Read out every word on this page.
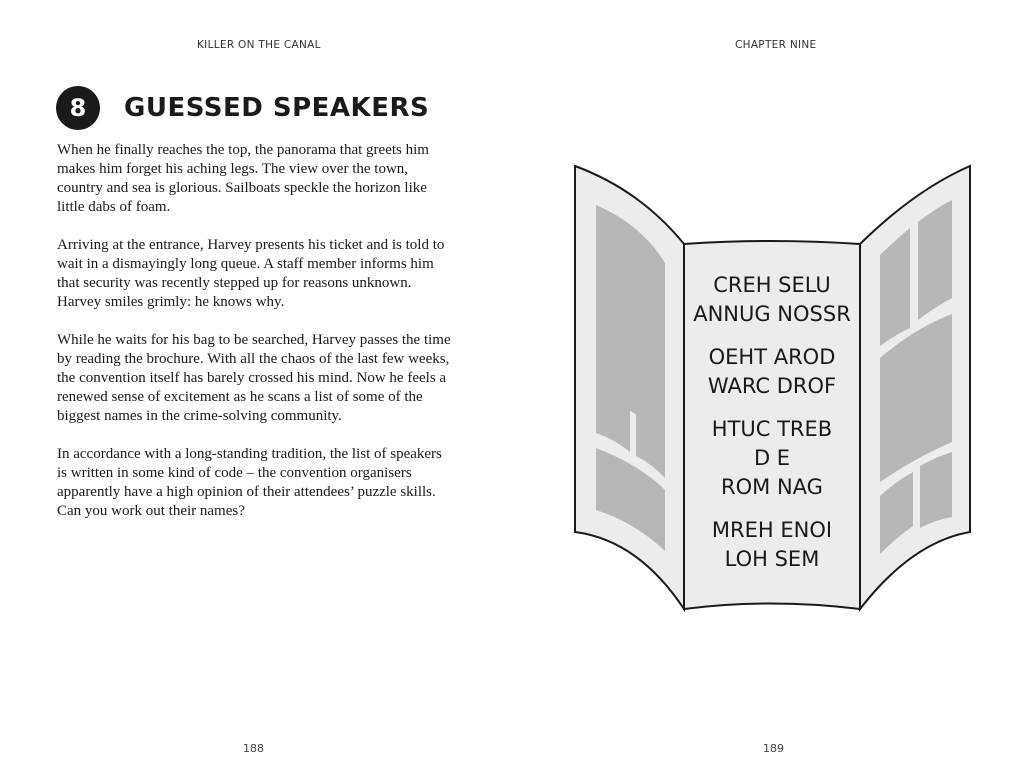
KILLER ON THE CANAL
8	GUESSED SPEAKERS

When he finally reaches the top, the panorama that greets him makes him forget his aching legs. The view over the town, country and sea is glorious. Sailboats speckle the horizon like little dabs of foam.

Arriving at the entrance, Harvey presents his ticket and is told to wait in a dismayingly long queue. A staff member informs him that security was recently stepped up for reasons unknown. Harvey smiles grimly: he knows why.

While he waits for his bag to be searched, Harvey passes the time by reading the brochure. With all the chaos of the last few weeks, the convention itself has barely crossed his mind. Now he feels a renewed sense of excitement as he scans a list of some of the biggest names in the crime-solving community.

In accordance with a long-standing tradition, the list of speakers is written in some kind of code – the convention organisers apparently have a high opinion of their attendees’ puzzle skills. Can you work out their names?

188
CHAPTER NINE
CREH SELU
ANNUG NOSSR
OEHT AROD
WARC DROF
HTUC TREB
D E
ROM NAG
MREH ENOI
LOH SEM
189
